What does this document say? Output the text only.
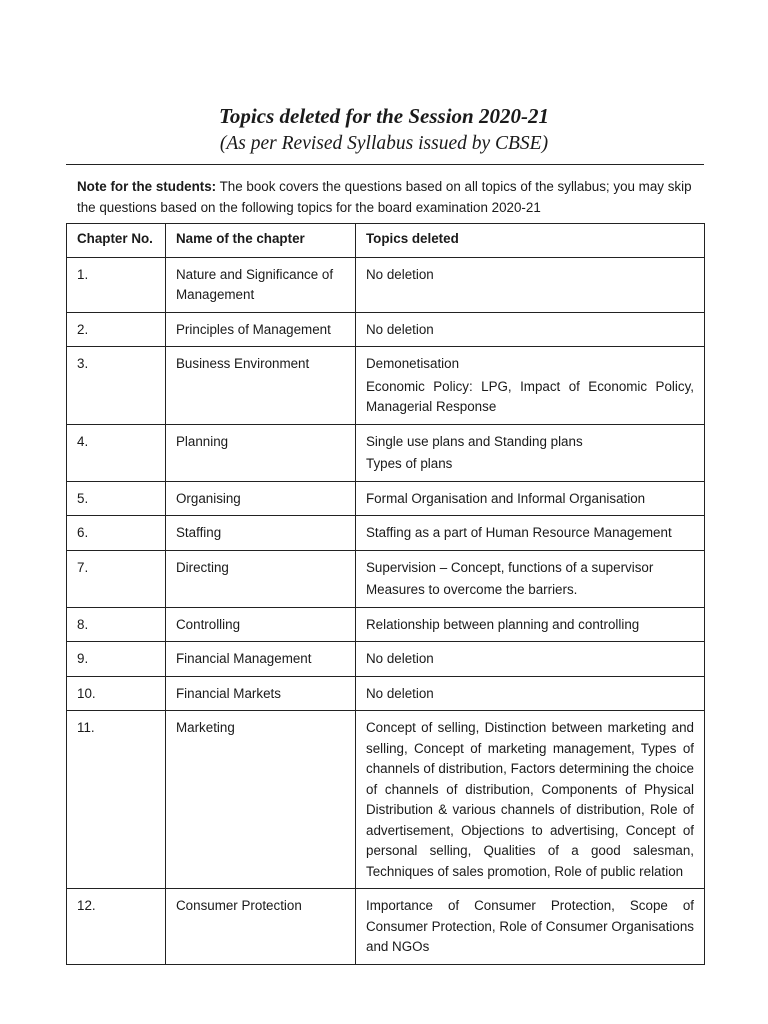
Topics deleted for the Session 2020-21
(As per Revised Syllabus issued by CBSE)
Note for the students: The book covers the questions based on all topics of the syllabus; you may skip the questions based on the following topics for the board examination 2020-21
Chapter No.	Name of the chapter	Topics deleted
1.	Nature and Significance of Management	No deletion

2.	Principles of Management	No deletion

3.	Business Environment	Demonetisation
Economic Policy: LPG, Impact of Economic Policy, Managerial Response

4.	Planning	Single use plans and Standing plans
Types of plans

5.	Organising	Formal Organisation and Informal Organisation

6.	Staffing	Staffing as a part of Human Resource Management

7.	Directing	Supervision – Concept, functions of a supervisor
Measures to overcome the barriers.

8.	Controlling	Relationship between planning and controlling

9.	Financial Management	No deletion

10.	Financial Markets	No deletion

11.	Marketing	Concept of selling, Distinction between marketing and selling, Concept of marketing management, Types of channels of distribution, Factors determining the choice of channels of distribution, Components of Physical Distribution & various channels of distribution, Role of advertisement, Objections to advertising, Concept of personal selling, Qualities of a good salesman, Techniques of sales promotion, Role of public relation

12.	Consumer Protection	Importance of Consumer Protection, Scope of Consumer Protection, Role of Consumer Organisations and NGOs
